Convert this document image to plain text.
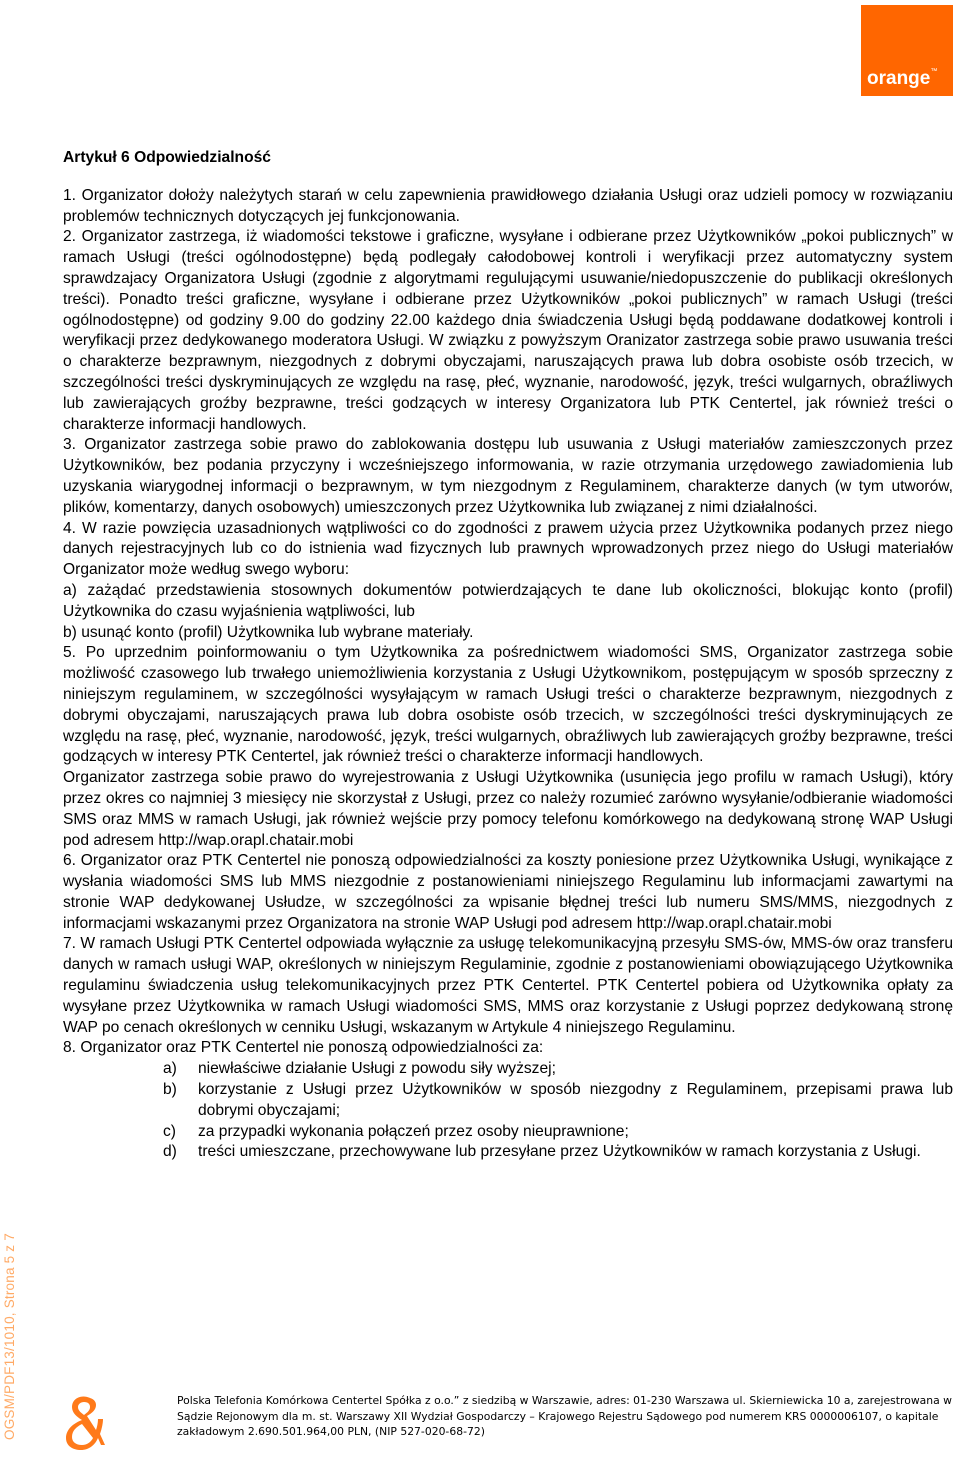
orange™
Artykuł 6 Odpowiedzialność

1. Organizator dołoży należytych starań w celu zapewnienia prawidłowego działania Usługi oraz udzieli pomocy w rozwiązaniu problemów technicznych dotyczących jej funkcjonowania.

2. Organizator zastrzega, iż wiadomości tekstowe i graficzne, wysyłane i odbierane przez Użytkowników „pokoi publicznych” w ramach Usługi (treści ogólnodostępne) będą podlegały całodobowej kontroli i weryfikacji przez automatyczny system sprawdzajacy Organizatora Usługi (zgodnie z algorytmami regulującymi usuwanie/niedopuszczenie do publikacji określonych treści). Ponadto treści graficzne, wysyłane i odbierane przez Użytkowników „pokoi publicznych” w ramach Usługi (treści ogólnodostępne) od godziny 9.00 do godziny 22.00 każdego dnia świadczenia Usługi będą poddawane dodatkowej kontroli i weryfikacji przez dedykowanego moderatora Usługi. W związku z powyższym Oranizator zastrzega sobie prawo usuwania treści o charakterze bezprawnym, niezgodnych z dobrymi obyczajami, naruszających prawa lub dobra osobiste osób trzecich, w szczególności treści dyskryminujących ze względu na rasę, płeć, wyznanie, narodowość, język, treści wulgarnych, obraźliwych lub zawierających groźby bezprawne, treści godzących w interesy Organizatora lub PTK Centertel, jak również treści o charakterze informacji handlowych.

3. Organizator zastrzega sobie prawo do zablokowania dostępu lub usuwania z Usługi materiałów zamieszczonych przez Użytkowników, bez podania przyczyny i wcześniejszego informowania, w razie otrzymania urzędowego zawiadomienia lub uzyskania wiarygodnej informacji o bezprawnym, w tym niezgodnym z Regulaminem, charakterze danych (w tym utworów, plików, komentarzy, danych osobowych) umieszczonych przez Użytkownika lub związanej z nimi działalności.

4. W razie powzięcia uzasadnionych wątpliwości co do zgodności z prawem użycia przez Użytkownika podanych przez niego danych rejestracyjnych lub co do istnienia wad fizycznych lub prawnych wprowadzonych przez niego do Usługi materiałów Organizator może według swego wyboru:

a) zażądać przedstawienia stosownych dokumentów potwierdzających te dane lub okoliczności, blokując konto (profil) Użytkownika do czasu wyjaśnienia wątpliwości, lub

b) usunąć konto (profil) Użytkownika lub wybrane materiały.

5. Po uprzednim poinformowaniu o tym Użytkownika za pośrednictwem wiadomości SMS, Organizator zastrzega sobie możliwość czasowego lub trwałego uniemożliwienia korzystania z Usługi Użytkownikom, postępującym w sposób sprzeczny z niniejszym regulaminem, w szczególności wysyłającym w ramach Usługi treści o charakterze bezprawnym, niezgodnych z dobrymi obyczajami, naruszających prawa lub dobra osobiste osób trzecich, w szczególności treści dyskryminujących ze względu na rasę, płeć, wyznanie, narodowość, język, treści wulgarnych, obraźliwych lub zawierających groźby bezprawne, treści godzących w interesy PTK Centertel, jak również treści o charakterze informacji handlowych.

Organizator zastrzega sobie prawo do wyrejestrowania z Usługi Użytkownika (usunięcia jego profilu w ramach Usługi), który przez okres co najmniej 3 miesięcy nie skorzystał z Usługi, przez co należy rozumieć zarówno wysyłanie/odbieranie wiadomości SMS oraz MMS w ramach Usługi, jak również wejście przy pomocy telefonu komórkowego na dedykowaną stronę WAP Usługi pod adresem http://wap.orapl.chatair.mobi

6. Organizator oraz PTK Centertel nie ponoszą odpowiedzialności za koszty poniesione przez Użytkownika Usługi, wynikające z wysłania wiadomości SMS lub MMS niezgodnie z postanowieniami niniejszego Regulaminu lub informacjami zawartymi na stronie WAP dedykowanej Usłudze, w szczególności za wpisanie błędnej treści lub numeru SMS/MMS, niezgodnych z informacjami wskazanymi przez Organizatora na stronie WAP Usługi pod adresem http://wap.orapl.chatair.mobi

7. W ramach Usługi PTK Centertel odpowiada wyłącznie za usługę telekomunikacyjną przesyłu SMS-ów, MMS-ów oraz transferu danych w ramach usługi WAP, określonych w niniejszym Regulaminie, zgodnie z postanowieniami obowiązującego Użytkownika regulaminu świadczenia usług telekomunikacyjnych przez PTK Centertel. PTK Centertel pobiera od Użytkownika opłaty za wysyłane przez Użytkownika w ramach Usługi wiadomości SMS, MMS oraz korzystanie z Usługi poprzez dedykowaną stronę WAP po cenach określonych w cenniku Usługi, wskazanym w Artykule 4 niniejszego Regulaminu.

8. Organizator oraz PTK Centertel nie ponoszą odpowiedzialności za:

a)	niewłaściwe działanie Usługi z powodu siły wyższej;
b)	korzystanie z Usługi przez Użytkowników w sposób niezgodny z Regulaminem, przepisami prawa lub dobrymi obyczajami;
c)	za przypadki wykonania połączeń przez osoby nieuprawnione;
d)	treści umieszczane, przechowywane lub przesyłane przez Użytkowników w ramach korzystania z Usługi.
OGSM/PDF13/1010, Strona 5 z 7	Polska Telefonia Komórkowa Centertel Spółka z o.o.” z siedzibą w Warszawie, adres: 01-230 Warszawa ul. Skierniewicka 10 a, zarejestrowana w
Sądzie Rejonowym dla m. st. Warszawy XII Wydział Gospodarczy – Krajowego Rejestru Sądowego pod numerem KRS 0000006107, o kapitale
zakładowym 2.690.501.964,00 PLN, (NIP 527-020-68-72)
